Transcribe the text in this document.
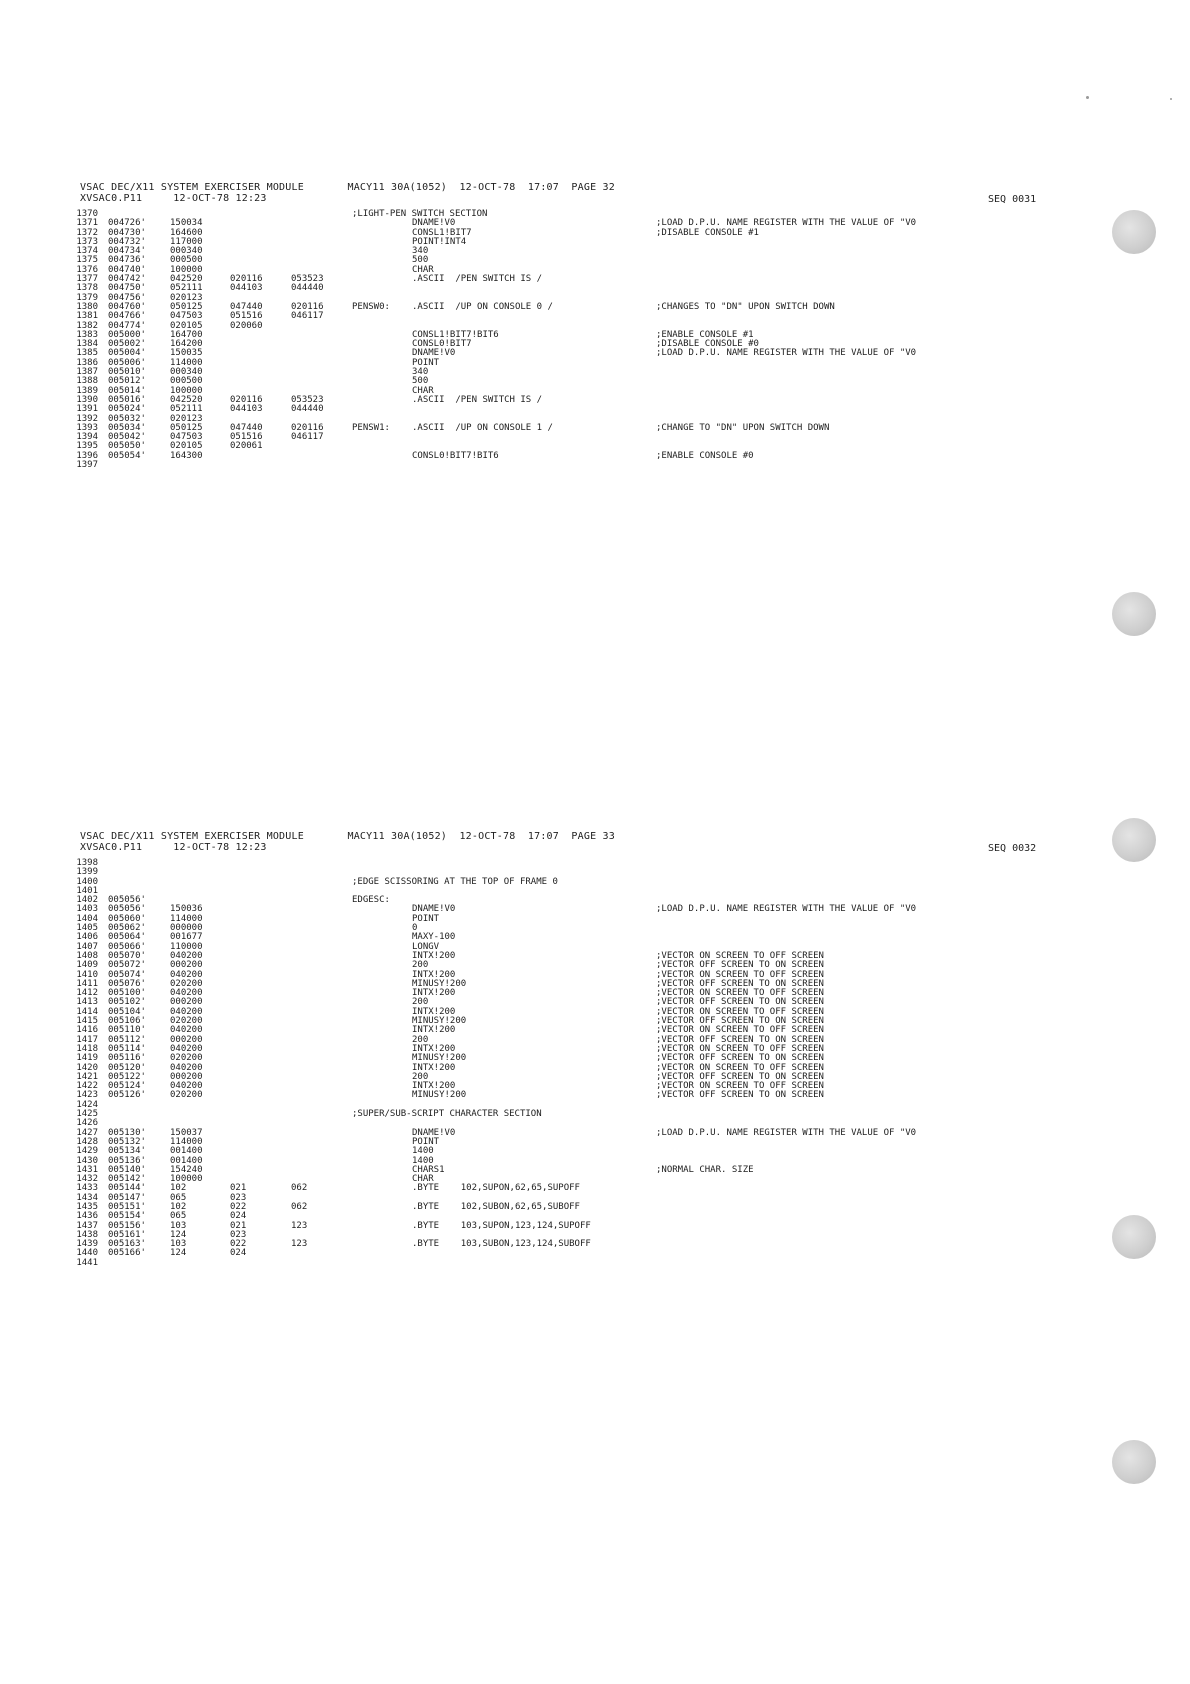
VSAC DEC/X11 SYSTEM EXERCISER MODULE       MACY11 30A(1052)  12-OCT-78  17:07  PAGE 32
XVSAC0.P11     12-OCT-78 12:23	SEQ 0031
1370	;LIGHT-PEN SWITCH SECTION
1371 004726'	150034	DNAME!V0	;LOAD D.P.U. NAME REGISTER WITH THE VALUE OF "V0
1372 004730'	164600	CONSL1!BIT7	;DISABLE CONSOLE #1
1373 004732'	117000	POINT!INT4
1374 004734'	000340	340
1375 004736'	000500	500
1376 004740'	100000	CHAR
1377 004742'	042520	020116	053523	.ASCII  /PEN SWITCH IS /
1378 004750'	052111	044103	044440
1379 004756'	020123
1380 004760'	050125	047440	020116	PENSW0: .ASCII  /UP ON CONSOLE 0 /	;CHANGES TO "DN" UPON SWITCH DOWN
1381 004766'	047503	051516	046117
1382 004774'	020105	020060
1383 005000'	164700	CONSL1!BIT7!BIT6	;ENABLE CONSOLE #1
1384 005002'	164200	CONSL0!BIT7	;DISABLE CONSOLE #0
1385 005004'	150035	DNAME!V0	;LOAD D.P.U. NAME REGISTER WITH THE VALUE OF "V0
1386 005006'	114000	POINT
1387 005010'	000340	340
1388 005012'	000500	500
1389 005014'	100000	CHAR
1390 005016'	042520	020116	053523	.ASCII  /PEN SWITCH IS /
1391 005024'	052111	044103	044440
1392 005032'	020123
1393 005034'	050125	047440	020116	PENSW1: .ASCII  /UP ON CONSOLE 1 /	;CHANGE TO "DN" UPON SWITCH DOWN
1394 005042'	047503	051516	046117
1395 005050'	020105	020061
1396 005054'	164300	CONSL0!BIT7!BIT6	;ENABLE CONSOLE #0
1397
VSAC DEC/X11 SYSTEM EXERCISER MODULE       MACY11 30A(1052)  12-OCT-78  17:07  PAGE 33
XVSAC0.P11     12-OCT-78 12:23	SEQ 0032
1398
1399
1400	;EDGE SCISSORING AT THE TOP OF FRAME 0
1401
1402 005056'	EDGESC:
1403 005056'	150036	DNAME!V0	;LOAD D.P.U. NAME REGISTER WITH THE VALUE OF "V0
1404 005060'	114000	POINT
1405 005062'	000000	0
1406 005064'	001677	MAXY-100
1407 005066'	110000	LONGV
1408 005070'	040200	INTX!200	;VECTOR ON SCREEN TO OFF SCREEN
1409 005072'	000200	200	;VECTOR OFF SCREEN TO ON SCREEN
1410 005074'	040200	INTX!200	;VECTOR ON SCREEN TO OFF SCREEN
1411 005076'	020200	MINUSY!200	;VECTOR OFF SCREEN TO ON SCREEN
1412 005100'	040200	INTX!200	;VECTOR ON SCREEN TO OFF SCREEN
1413 005102'	000200	200	;VECTOR OFF SCREEN TO ON SCREEN
1414 005104'	040200	INTX!200	;VECTOR ON SCREEN TO OFF SCREEN
1415 005106'	020200	MINUSY!200	;VECTOR OFF SCREEN TO ON SCREEN
1416 005110'	040200	INTX!200	;VECTOR ON SCREEN TO OFF SCREEN
1417 005112'	000200	200	;VECTOR OFF SCREEN TO ON SCREEN
1418 005114'	040200	INTX!200	;VECTOR ON SCREEN TO OFF SCREEN
1419 005116'	020200	MINUSY!200	;VECTOR OFF SCREEN TO ON SCREEN
1420 005120'	040200	INTX!200	;VECTOR ON SCREEN TO OFF SCREEN
1421 005122'	000200	200	;VECTOR OFF SCREEN TO ON SCREEN
1422 005124'	040200	INTX!200	;VECTOR ON SCREEN TO OFF SCREEN
1423 005126'	020200	MINUSY!200	;VECTOR OFF SCREEN TO ON SCREEN
1424
1425	;SUPER/SUB-SCRIPT CHARACTER SECTION
1426
1427 005130'	150037	DNAME!V0	;LOAD D.P.U. NAME REGISTER WITH THE VALUE OF "V0
1428 005132'	114000	POINT
1429 005134'	001400	1400
1430 005136'	001400	1400
1431 005140'	154240	CHARS1	;NORMAL CHAR. SIZE
1432 005142'	100000	CHAR
1433 005144'	102	021	062	.BYTE    102,SUPON,62,65,SUPOFF
1434 005147'	065	023
1435 005151'	102	022	062	.BYTE    102,SUBON,62,65,SUBOFF
1436 005154'	065	024
1437 005156'	103	021	123	.BYTE    103,SUPON,123,124,SUPOFF
1438 005161'	124	023
1439 005163'	103	022	123	.BYTE    103,SUBON,123,124,SUBOFF
1440 005166'	124	024
1441
